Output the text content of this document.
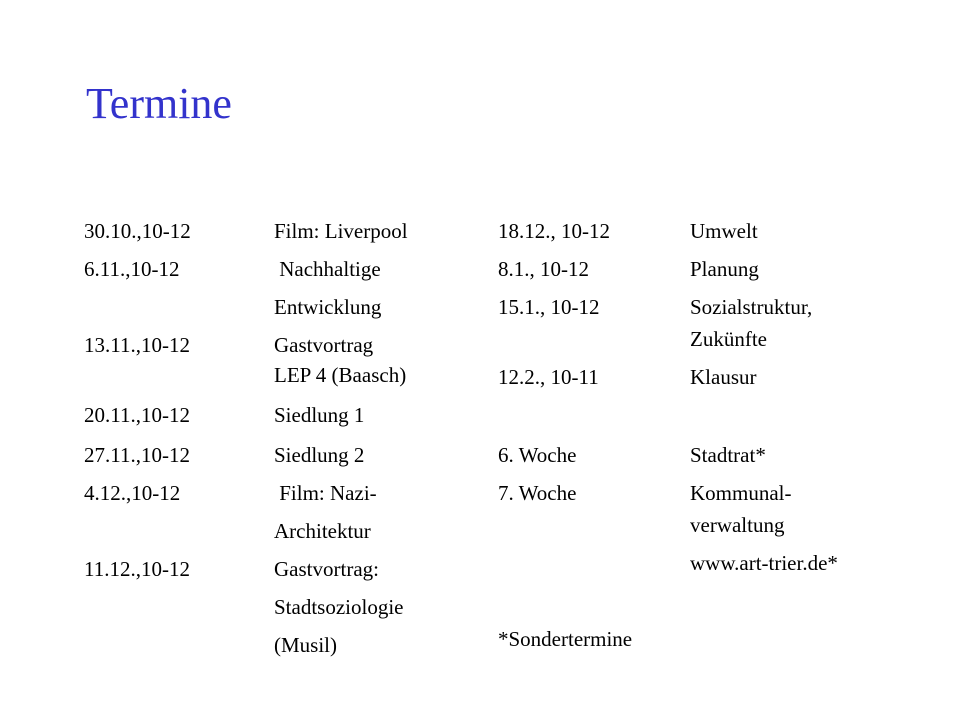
Termine
30.10.,10-12
6.11.,10-12
13.11.,10-12
20.11.,10-12
27.11.,10-12
4.12.,10-12
11.12.,10-12
Film: Liverpool
Nachhaltige
Entwicklung
Gastvortrag
LEP 4 (Baasch)
Siedlung 1
Siedlung 2
Film: Nazi-
Architektur
Gastvortrag:
Stadtsoziologie
(Musil)
18.12., 10-12
8.1., 10-12
15.1., 10-12
12.2., 10-11
6. Woche
7. Woche
Umwelt
Planung
Sozialstruktur,
Zukünfte
Klausur
Stadtrat*
Kommunal-
verwaltung
www.art-trier.de*
*Sondertermine
